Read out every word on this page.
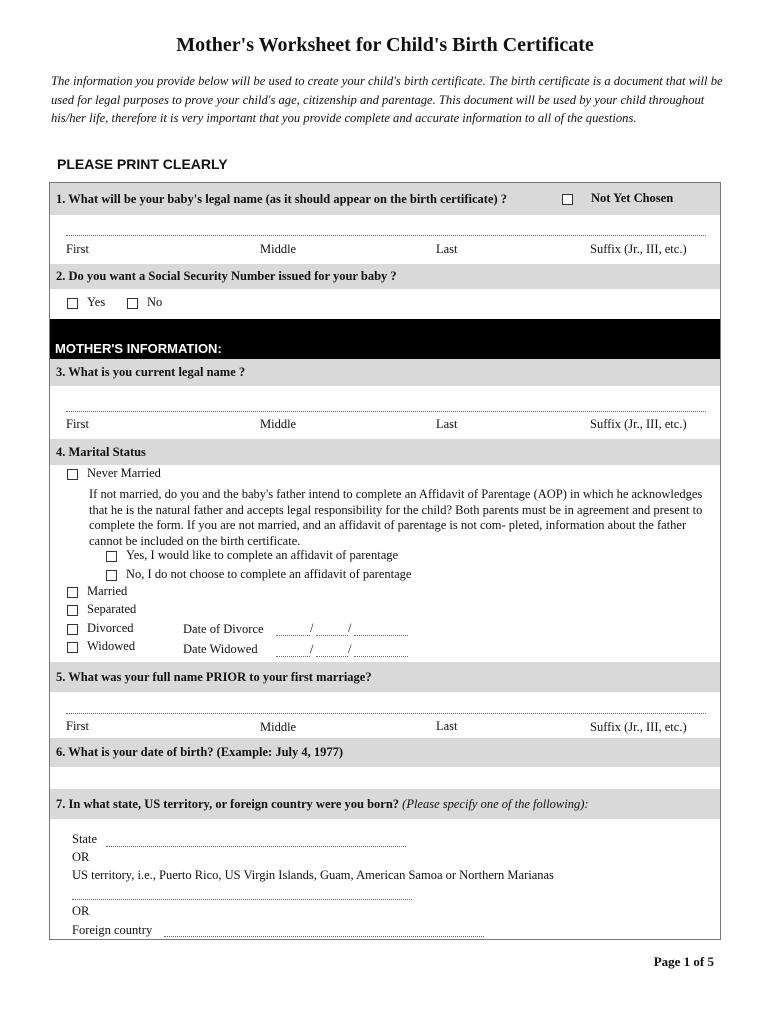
Mother's Worksheet for Child's Birth Certificate
The information you provide below will be used to create your child's birth certificate. The birth certificate is a document that will be used for legal purposes to prove your child's age, citizenship and parentage. This document will be used by your child throughout his/her life, therefore it is very important that you provide complete and accurate information to all of the questions.
PLEASE PRINT CLEARLY
1. What will be your baby's legal name (as it should appear on the birth certificate) ?	Not Yet Chosen
First	Middle	Last	Suffix (Jr., III, etc.)
2. Do you want a Social Security Number issued for your baby ?
Yes	No
MOTHER'S INFORMATION:
3. What is you current legal name ?
First	Middle	Last	Suffix (Jr., III, etc.)
4. Marital Status
Never Married
If not married, do you and the baby's father intend to complete an Affidavit of Parentage (AOP) in which he acknowledges that he is the natural father and accepts legal responsibility for the child? Both parents must be in agreement and present to complete the form. If you are not married, and an affidavit of parentage is not com- pleted, information about the father cannot be included on the birth certificate.
Yes, I would like to complete an affidavit of parentage
No, I do not choose to complete an affidavit of parentage
Married
Separated
Divorced	Date of Divorce	/	/
Widowed	Date Widowed	/	/
5. What was your full name PRIOR to your first marriage?
First	Middle	Last	Suffix (Jr., III, etc.)
6. What is your date of birth? (Example: July 4, 1977)
7. In what state, US territory, or foreign country were you born? (Please specify one of the following):
State
OR
US territory, i.e., Puerto Rico, US Virgin Islands, Guam, American Samoa or Northern Marianas
OR
Foreign country
Page 1 of 5
